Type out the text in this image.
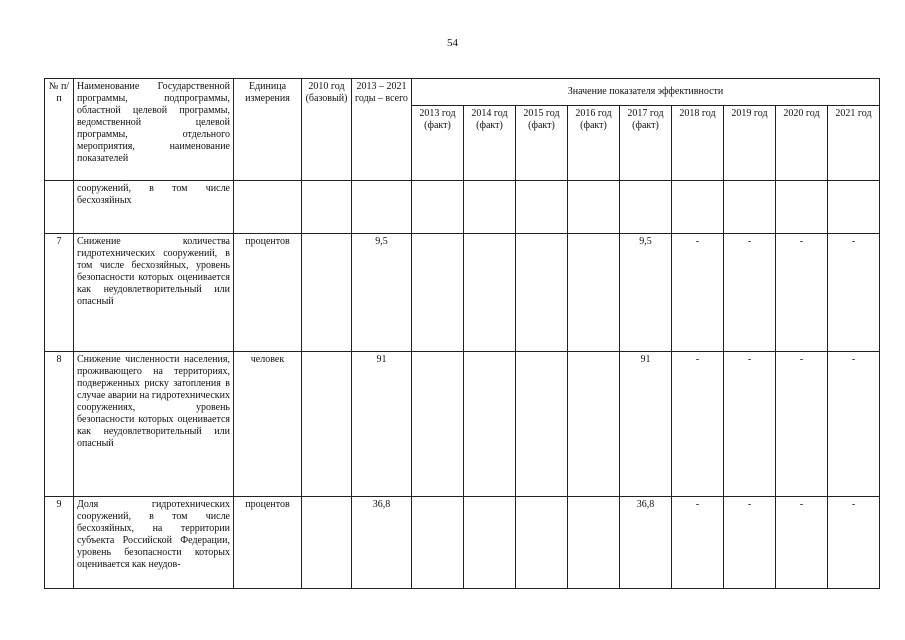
54
№ п/п	Наименование Государственной программы, подпрограммы, областной целевой программы, ведомственной целевой программы, отдельного мероприятия, наименование показателей	Единица измерения	2010 год (базовый)	2013 – 2021 годы – всего	Значение показателя эффективности								
					2013 год (факт)	2014 год (факт)	2015 год (факт)	2016 год (факт)	2017 год (факт)	2018 год	2019 год	2020 год	2021 год
	сооружений, в том числе бесхозяйных												
7	Снижение количества гидротехнических сооружений, в том числе бесхозяйных, уровень безопасности которых оценивается как неудовлетворительный или опасный	процентов		9,5					9,5	-	-	-	-
8	Снижение численности населения, проживающего на территориях, подверженных риску затопления в случае аварии на гидротехнических сооружениях, уровень безопасности которых оценивается как неудовлетворительный или опасный	человек		91					91	-	-	-	-
9	Доля гидротехнических сооружений, в том числе бесхозяйных, на территории субъекта Российской Федерации, уровень безопасности которых оценивается как неудов-	процентов		36,8					36,8	-	-	-	-
